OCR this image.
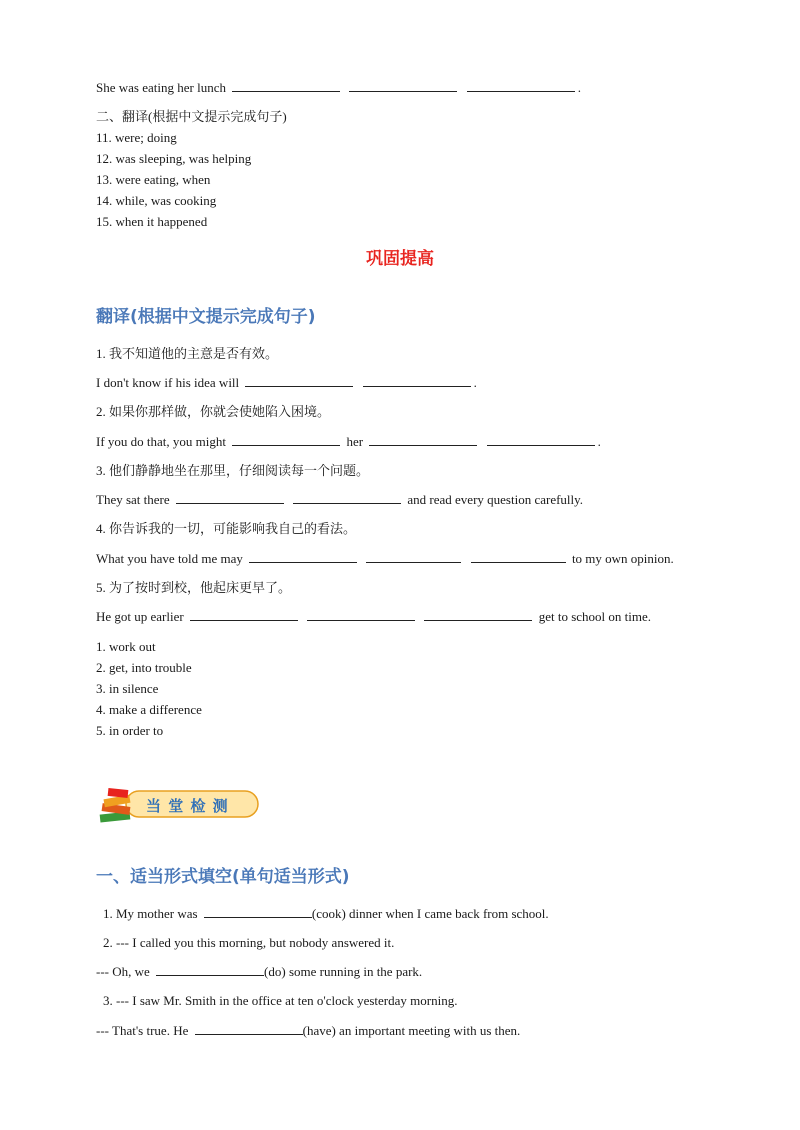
She was eating her lunch	.
二、翻译(根据中文提示完成句子)
11. were; doing
12. was sleeping, was helping
13. were eating, when
14. while, was cooking
15. when it happened
巩固提高
翻译(根据中文提示完成句子)
1. 我不知道他的主意是否有效。
I don't know if his idea will	.
2. 如果你那样做，你就会使她陷入困境。
If you do that, you might	her	.
3. 他们静静地坐在那里，仔细阅读每一个问题。
They sat there	and read every question carefully.
4. 你告诉我的一切，可能影响我自己的看法。
What you have told me may	to my own opinion.
5. 为了按时到校，他起床更早了。
He got up earlier	get to school on time.
1. work out
2. get, into trouble
3. in silence
4. make a difference
5. in order to
当 堂 检 测
一、适当形式填空(单句适当形式)
1. My mother was	(cook) dinner when I came back from school.
2. --- I called you this morning, but nobody answered it.
--- Oh, we	(do) some running in the park.
3. --- I saw Mr. Smith in the office at ten o'clock yesterday morning.
--- That's true. He	(have) an important meeting with us then.
